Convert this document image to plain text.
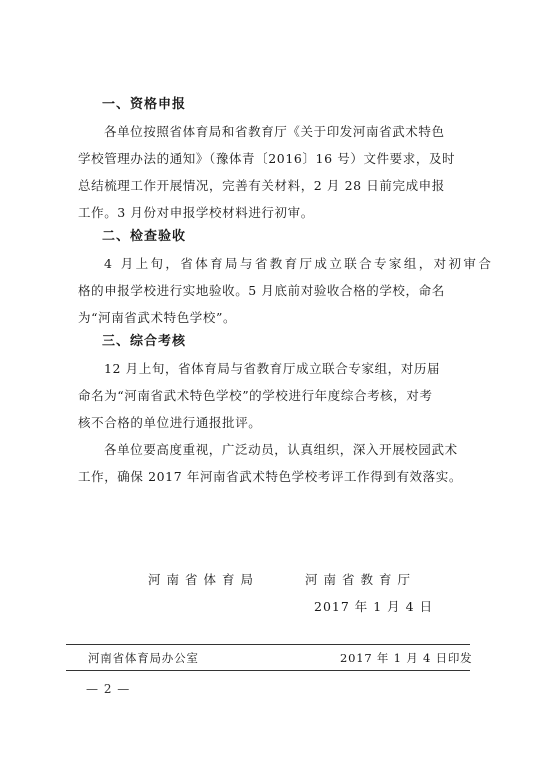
一、资格申报
各单位按照省体育局和省教育厅《关于印发河南省武术特色
学校管理办法的通知》（豫体青〔2016〕16 号）文件要求，及时
总结梳理工作开展情况，完善有关材料，2 月 28 日前完成申报
工作。3 月份对申报学校材料进行初审。
二、检查验收
4 月上旬，省体育局与省教育厅成立联合专家组，对初审合
格的申报学校进行实地验收。5 月底前对验收合格的学校，命名
为“河南省武术特色学校”。
三、综合考核
12 月上旬，省体育局与省教育厅成立联合专家组，对历届
命名为“河南省武术特色学校”的学校进行年度综合考核，对考
核不合格的单位进行通报批评。
各单位要高度重视，广泛动员，认真组织，深入开展校园武术
工作，确保 2017 年河南省武术特色学校考评工作得到有效落实。
河南省体育局	河南省教育厅
2017 年 1 月 4 日
河南省体育局办公室	2017 年 1 月 4 日印发
— 2 —
